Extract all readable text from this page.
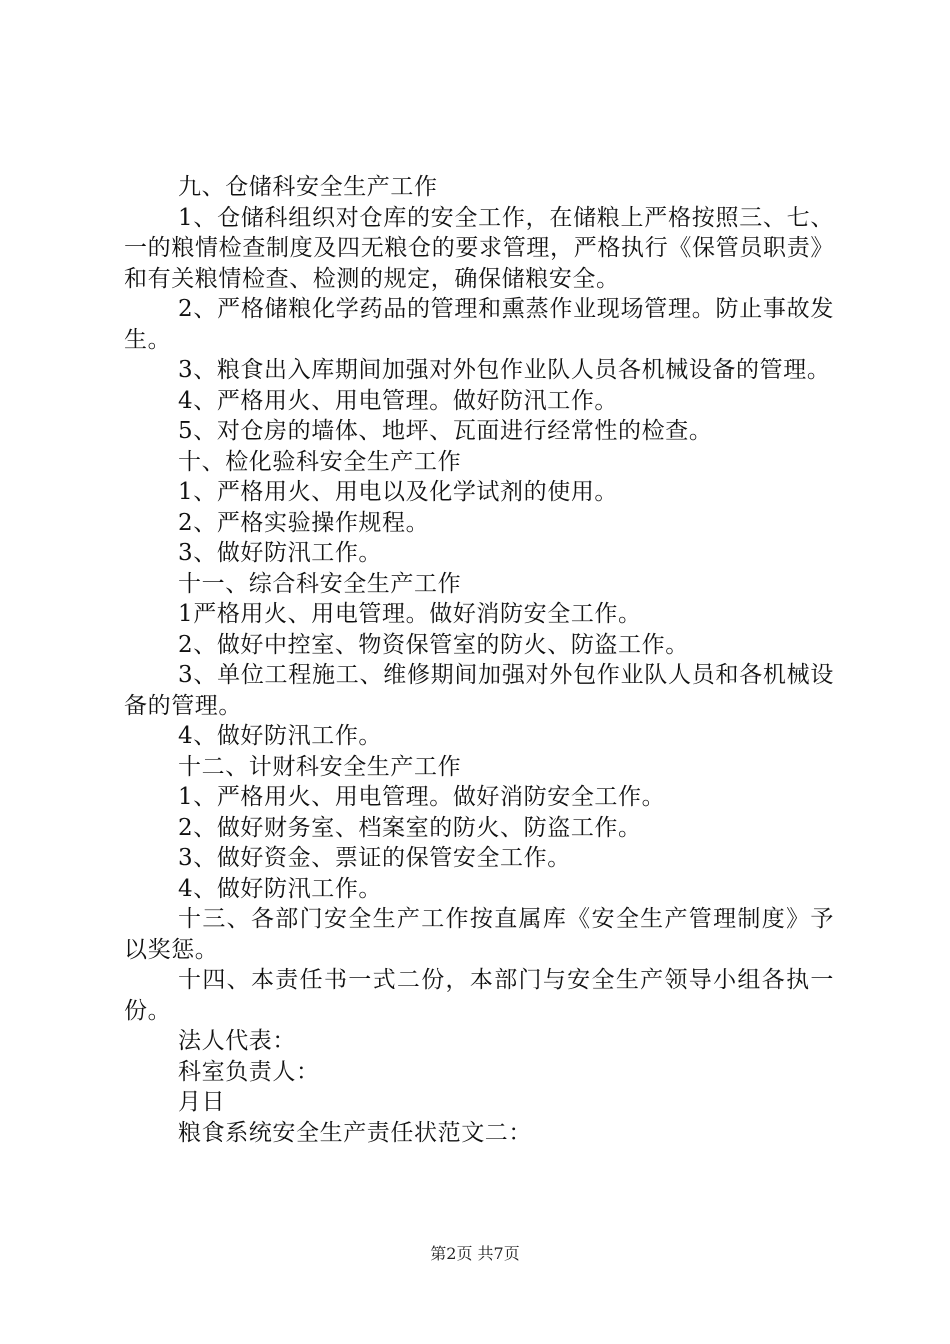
九、仓储科安全生产工作

1、仓储科组织对仓库的安全工作，在储粮上严格按照三、七、一的粮情检查制度及四无粮仓的要求管理，严格执行《保管员职责》和有关粮情检查、检测的规定，确保储粮安全。

2、严格储粮化学药品的管理和熏蒸作业现场管理。防止事故发生。

3、粮食出入库期间加强对外包作业队人员各机械设备的管理。

4、严格用火、用电管理。做好防汛工作。

5、对仓房的墙体、地坪、瓦面进行经常性的检查。

十、检化验科安全生产工作

1、严格用火、用电以及化学试剂的使用。

2、严格实验操作规程。

3、做好防汛工作。

十一、综合科安全生产工作

1严格用火、用电管理。做好消防安全工作。

2、做好中控室、物资保管室的防火、防盗工作。

3、单位工程施工、维修期间加强对外包作业队人员和各机械设备的管理。

4、做好防汛工作。

十二、计财科安全生产工作

1、严格用火、用电管理。做好消防安全工作。

2、做好财务室、档案室的防火、防盗工作。

3、做好资金、票证的保管安全工作。

4、做好防汛工作。

十三、各部门安全生产工作按直属库《安全生产管理制度》予以奖惩。

十四、本责任书一式二份，本部门与安全生产领导小组各执一份。

法人代表：

科室负责人：

月日

粮食系统安全生产责任状范文二：

第2页 共7页
